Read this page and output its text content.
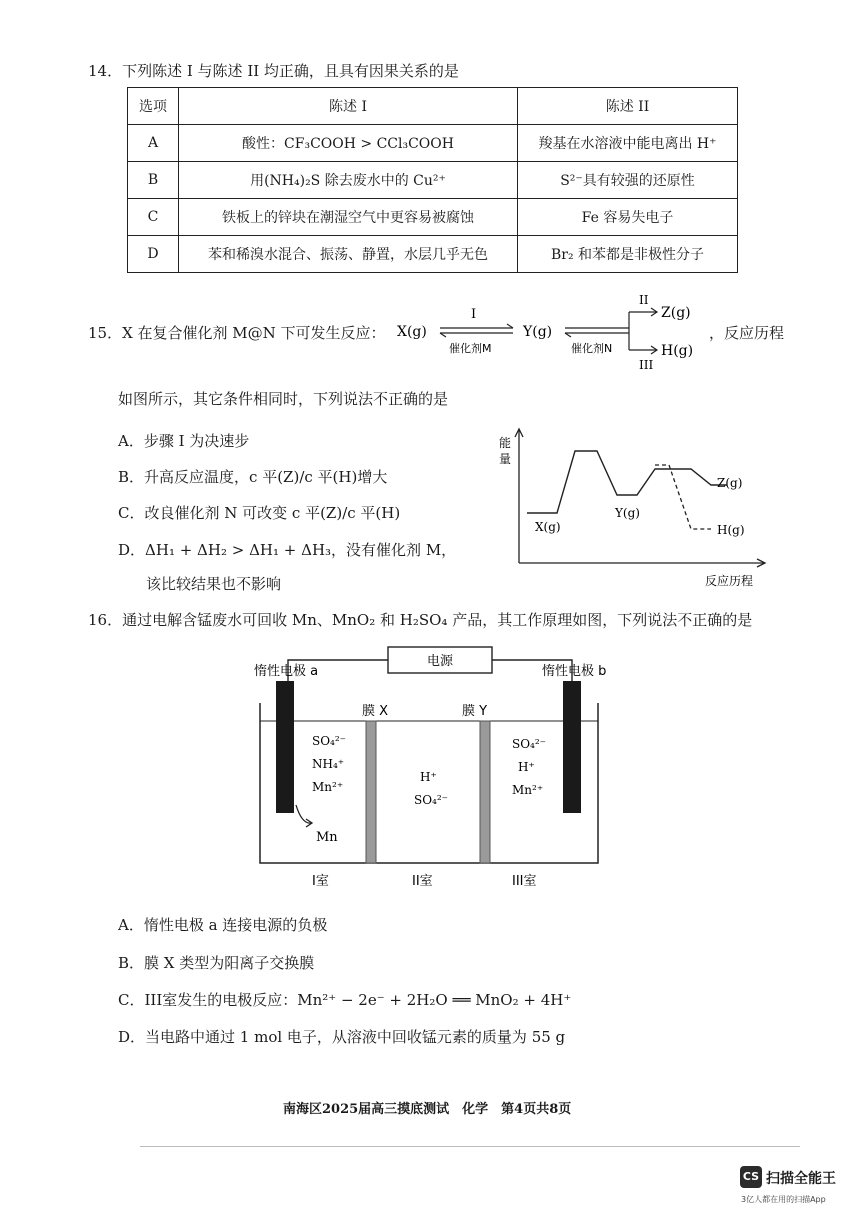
14．下列陈述 I 与陈述 II 均正确，且具有因果关系的是
选项	陈述 I	陈述 II
A	酸性：CF₃COOH > CCl₃COOH	羧基在水溶液中能电离出 H⁺
B	用(NH₄)₂S 除去废水中的 Cu²⁺	S²⁻具有较强的还原性
C	铁板上的锌块在潮湿空气中更容易被腐蚀	Fe 容易失电子
D	苯和稀溴水混合、振荡、静置，水层几乎无色	Br₂ 和苯都是非极性分子
15．X 在复合催化剂 M@N 下可发生反应： X(g)
I
催化剂M
Y(g)
催化剂N
II
Z(g)
H(g)
III
，反应历程
如图所示，其它条件相同时，下列说法不正确的是
A．步骤 I 为决速步
B．升高反应温度，c 平(Z)/c 平(H)增大
C．改良催化剂 N 可改变 c 平(Z)/c 平(H)
D．ΔH₁ + ΔH₂ > ΔH₁ + ΔH₃，没有催化剂 M，
该比较结果也不影响
能
量
X(g)
Y(g)
Z(g)
H(g)
反应历程
16．通过电解含锰废水可回收 Mn、MnO₂ 和 H₂SO₄ 产品，其工作原理如图，下列说法不正确的是
电源
惰性电极 a	惰性电极 b
膜 X	膜 Y
SO₄²⁻
NH₄⁺
Mn²⁺
Mn
H⁺
SO₄²⁻
SO₄²⁻
H⁺
Mn²⁺
I室	II室	III室
A．惰性电极 a 连接电源的负极
B．膜 X 类型为阳离子交换膜
C．III室发生的电极反应：Mn²⁺ − 2e⁻ + 2H₂O ══ MnO₂ + 4H⁺
D．当电路中通过 1 mol 电子，从溶液中回收锰元素的质量为 55 g
南海区2025届高三摸底测试　化学　第4页共8页
CS 扫描全能王
3亿人都在用的扫描App
